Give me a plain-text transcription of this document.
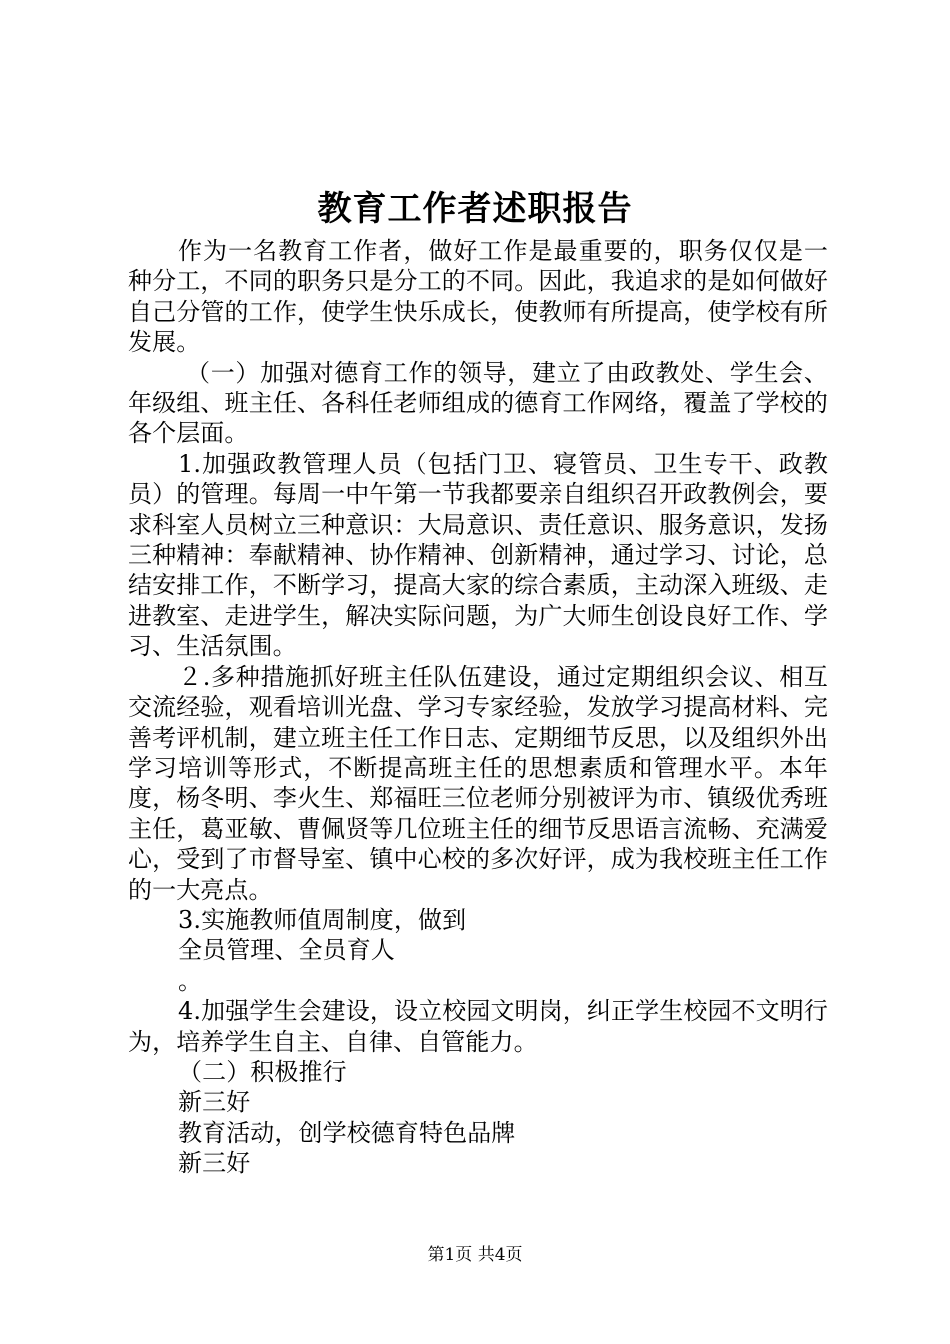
教育工作者述职报告

作为一名教育工作者，做好工作是最重要的，职务仅仅是一种分工，不同的职务只是分工的不同。因此，我追求的是如何做好自己分管的工作，使学生快乐成长，使教师有所提高，使学校有所发展。

（一）加强对德育工作的领导，建立了由政教处、学生会、年级组、班主任、各科任老师组成的德育工作网络，覆盖了学校的各个层面。

1.加强政教管理人员（包括门卫、寝管员、卫生专干、政教员）的管理。每周一中午第一节我都要亲自组织召开政教例会，要求科室人员树立三种意识：大局意识、责任意识、服务意识，发扬三种精神：奉献精神、协作精神、创新精神，通过学习、讨论，总结安排工作，不断学习，提高大家的综合素质，主动深入班级、走进教室、走进学生，解决实际问题，为广大师生创设良好工作、学习、生活氛围。

２.多种措施抓好班主任队伍建设，通过定期组织会议、相互交流经验，观看培训光盘、学习专家经验，发放学习提高材料、完善考评机制，建立班主任工作日志、定期细节反思，以及组织外出学习培训等形式，不断提高班主任的思想素质和管理水平。本年度，杨冬明、李火生、郑福旺三位老师分别被评为市、镇级优秀班主任，葛亚敏、曹佩贤等几位班主任的细节反思语言流畅、充满爱心，受到了市督导室、镇中心校的多次好评，成为我校班主任工作的一大亮点。

3.实施教师值周制度，做到

全员管理、全员育人

。

4.加强学生会建设，设立校园文明岗，纠正学生校园不文明行为，培养学生自主、自律、自管能力。

（二）积极推行

新三好

教育活动，创学校德育特色品牌

新三好

第1页 共4页
